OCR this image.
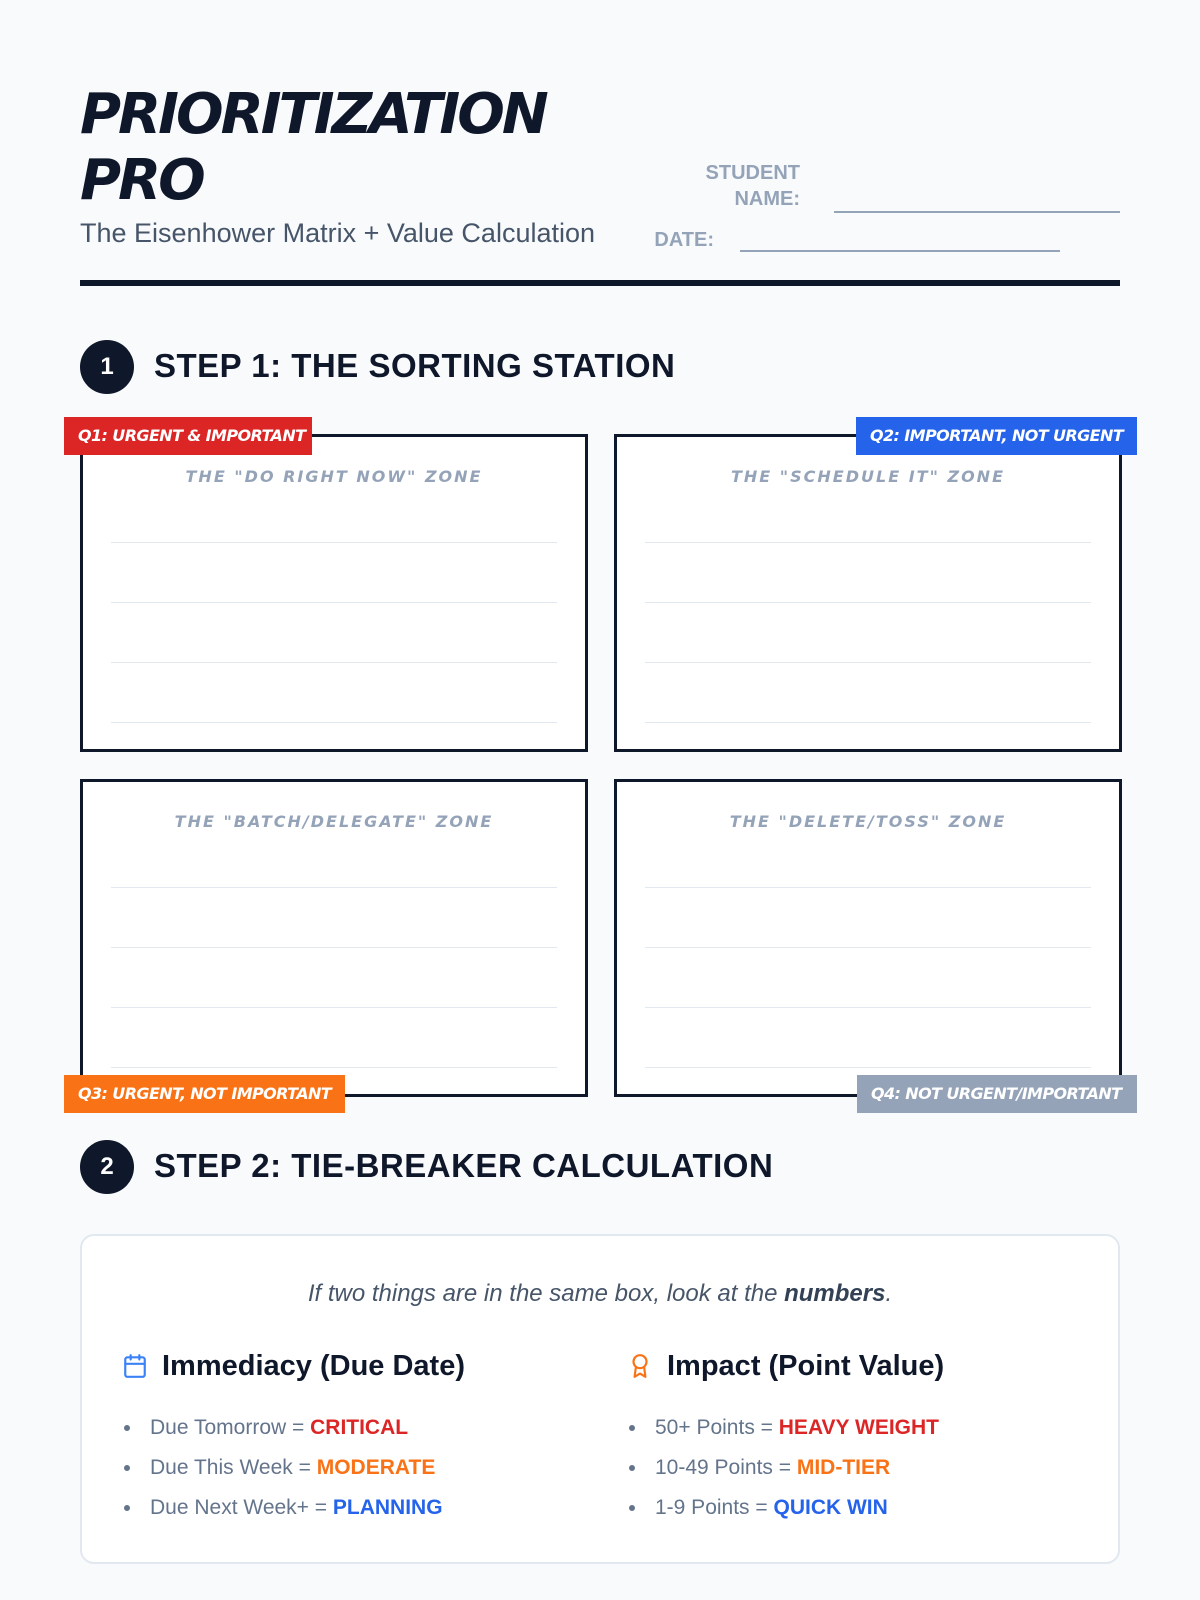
PRIORITIZATION
PRO
The Eisenhower Matrix + Value Calculation
STUDENT
NAME:
DATE:
1	STEP 1: THE SORTING STATION
THE "DO RIGHT NOW" ZONE	THE "SCHEDULE IT" ZONE
THE "BATCH/DELEGATE" ZONE	THE "DELETE/TOSS" ZONE
Q1: URGENT & IMPORTANT	Q2: IMPORTANT, NOT URGENT
Q3: URGENT, NOT IMPORTANT	Q4: NOT URGENT/IMPORTANT
2	STEP 2: TIE-BREAKER CALCULATION

If two things are in the same box, look at the numbers.

Immediacy (Due Date)
Due Tomorrow = CRITICAL
Due This Week = MODERATE
Due Next Week+ = PLANNING
Impact (Point Value)
50+ Points = HEAVY WEIGHT
10-49 Points = MID-TIER
1-9 Points = QUICK WIN
